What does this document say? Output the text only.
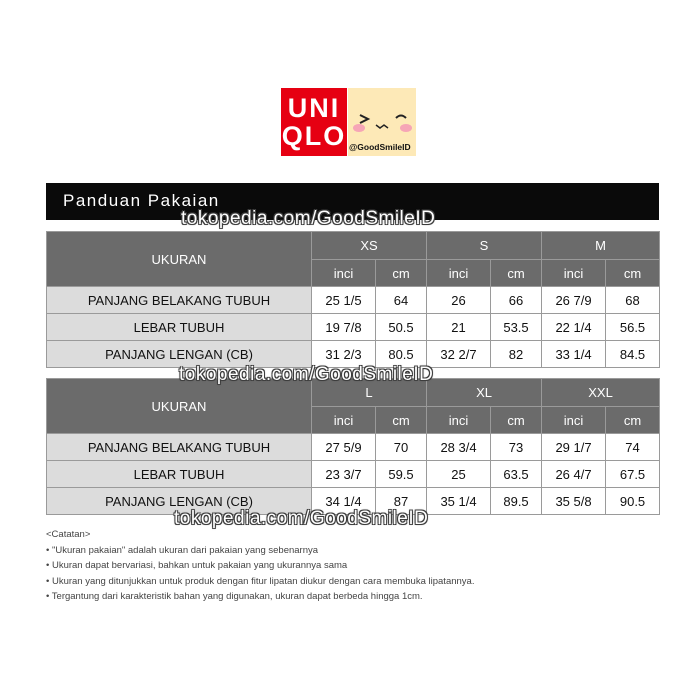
UNI
QLO @GoodSmileID
Panduan Pakaian
UKURAN	XS		S		M	
	inci	cm	inci	cm	inci	cm
PANJANG BELAKANG TUBUH	25 1/5	64	26	66	26 7/9	68
LEBAR TUBUH	19 7/8	50.5	21	53.5	22 1/4	56.5
PANJANG LENGAN (CB)	31 2/3	80.5	32 2/7	82	33 1/4	84.5
UKURAN	L		XL		XXL	
	inci	cm	inci	cm	inci	cm
PANJANG BELAKANG TUBUH	27 5/9	70	28 3/4	73	29 1/7	74
LEBAR TUBUH	23 3/7	59.5	25	63.5	26 4/7	67.5
PANJANG LENGAN (CB)	34 1/4	87	35 1/4	89.5	35 5/8	90.5
tokopedia.com/GoodSmileID
tokopedia.com/GoodSmileID
tokopedia.com/GoodSmileID
<Catatan>
• "Ukuran pakaian" adalah ukuran dari pakaian yang sebenarnya
• Ukuran dapat bervariasi, bahkan untuk pakaian yang ukurannya sama
• Ukuran yang ditunjukkan untuk produk dengan fitur lipatan diukur dengan cara membuka lipatannya.
• Tergantung dari karakteristik bahan yang digunakan, ukuran dapat berbeda hingga 1cm.
